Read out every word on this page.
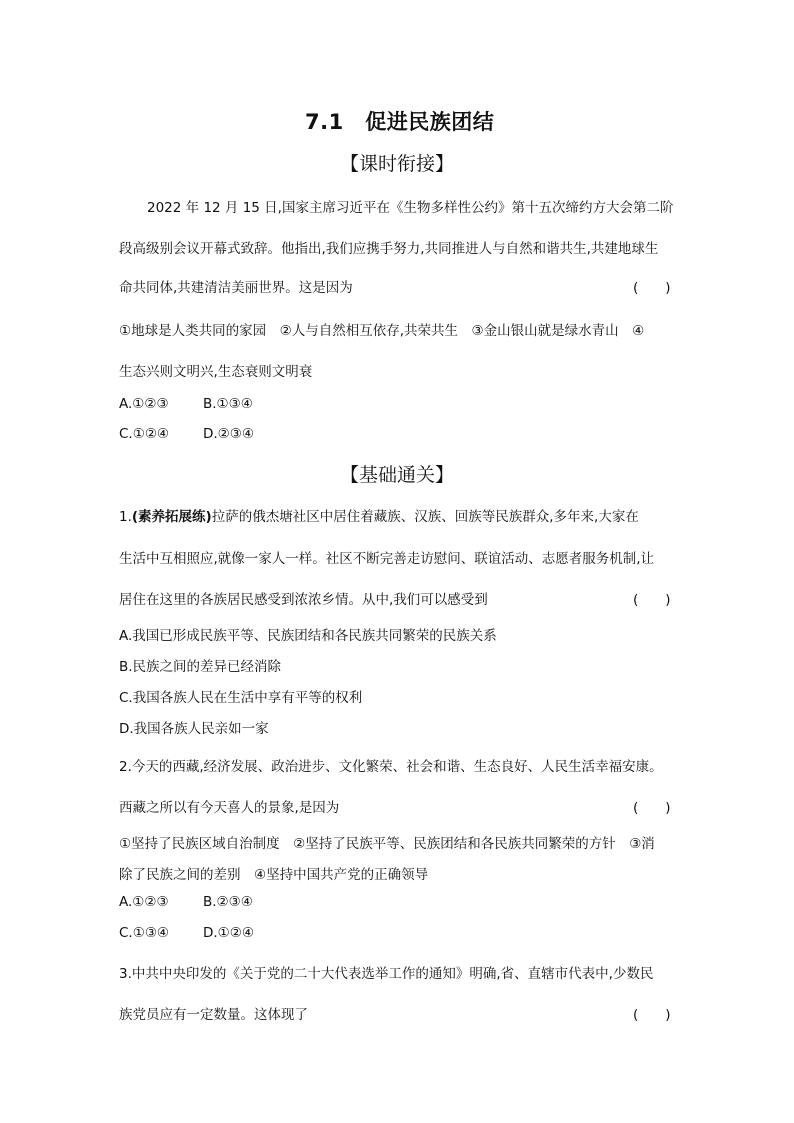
7.1　促进民族团结
【课时衔接】
2022 年 12 月 15 日,国家主席习近平在《生物多样性公约》第十五次缔约方大会第二阶
段高级别会议开幕式致辞。他指出,我们应携手努力,共同推进人与自然和谐共生,共建地球生
命共同体,共建清洁美丽世界。这是因为	(　　)
①地球是人类共同的家园　②人与自然相互依存,共荣共生　③金山银山就是绿水青山　④
生态兴则文明兴,生态衰则文明衰
A.①②③	B.①③④
C.①②④	D.②③④
【基础通关】
1.(素养拓展练)拉萨的俄杰塘社区中居住着藏族、汉族、回族等民族群众,多年来,大家在
生活中互相照应,就像一家人一样。社区不断完善走访慰问、联谊活动、志愿者服务机制,让
居住在这里的各族居民感受到浓浓乡情。从中,我们可以感受到	(　　)
A.我国已形成民族平等、民族团结和各民族共同繁荣的民族关系
B.民族之间的差异已经消除
C.我国各族人民在生活中享有平等的权利
D.我国各族人民亲如一家
2.今天的西藏,经济发展、政治进步、文化繁荣、社会和谐、生态良好、人民生活幸福安康。
西藏之所以有今天喜人的景象,是因为	(　　)
①坚持了民族区域自治制度　②坚持了民族平等、民族团结和各民族共同繁荣的方针　③消
除了民族之间的差别　④坚持中国共产党的正确领导
A.①②③	B.②③④
C.①③④	D.①②④
3.中共中央印发的《关于党的二十大代表选举工作的通知》明确,省、直辖市代表中,少数民
族党员应有一定数量。这体现了	(　　)
